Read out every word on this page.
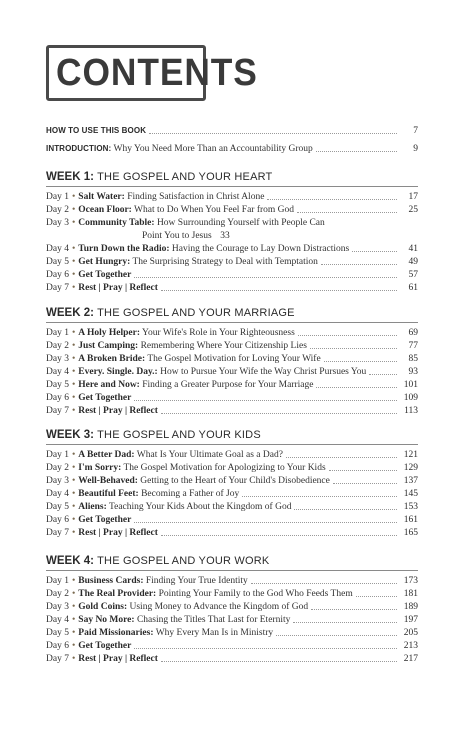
CONTENTS
HOW TO USE THIS BOOK	7
INTRODUCTION: Why You Need More Than an Accountability Group	9
WEEK 1: THE GOSPEL AND YOUR HEART
Day 1 • Salt Water: Finding Satisfaction in Christ Alone	17
Day 2 • Ocean Floor: What to Do When You Feel Far from God	25
Day 3 • Community Table: How Surrounding Yourself with People Can
Point You to Jesus 33
Day 4 • Turn Down the Radio: Having the Courage to Lay Down Distractions	41
Day 5 • Get Hungry: The Surprising Strategy to Deal with Temptation	49
Day 6 • Get Together	57
Day 7 • Rest | Pray | Reflect	61
WEEK 2: THE GOSPEL AND YOUR MARRIAGE
Day 1 • A Holy Helper: Your Wife's Role in Your Righteousness	69
Day 2 • Just Camping: Remembering Where Your Citizenship Lies	77
Day 3 • A Broken Bride: The Gospel Motivation for Loving Your Wife	85
Day 4 • Every. Single. Day.: How to Pursue Your Wife the Way Christ Pursues You	93
Day 5 • Here and Now: Finding a Greater Purpose for Your Marriage	101
Day 6 • Get Together	109
Day 7 • Rest | Pray | Reflect	113
WEEK 3: THE GOSPEL AND YOUR KIDS
Day 1 • A Better Dad: What Is Your Ultimate Goal as a Dad?	121
Day 2 • I'm Sorry: The Gospel Motivation for Apologizing to Your Kids	129
Day 3 • Well-Behaved: Getting to the Heart of Your Child's Disobedience	137
Day 4 • Beautiful Feet: Becoming a Father of Joy	145
Day 5 • Aliens: Teaching Your Kids About the Kingdom of God	153
Day 6 • Get Together	161
Day 7 • Rest | Pray | Reflect	165
WEEK 4: THE GOSPEL AND YOUR WORK
Day 1 • Business Cards: Finding Your True Identity	173
Day 2 • The Real Provider: Pointing Your Family to the God Who Feeds Them	181
Day 3 • Gold Coins: Using Money to Advance the Kingdom of God	189
Day 4 • Say No More: Chasing the Titles That Last for Eternity	197
Day 5 • Paid Missionaries: Why Every Man Is in Ministry	205
Day 6 • Get Together	213
Day 7 • Rest | Pray | Reflect	217
